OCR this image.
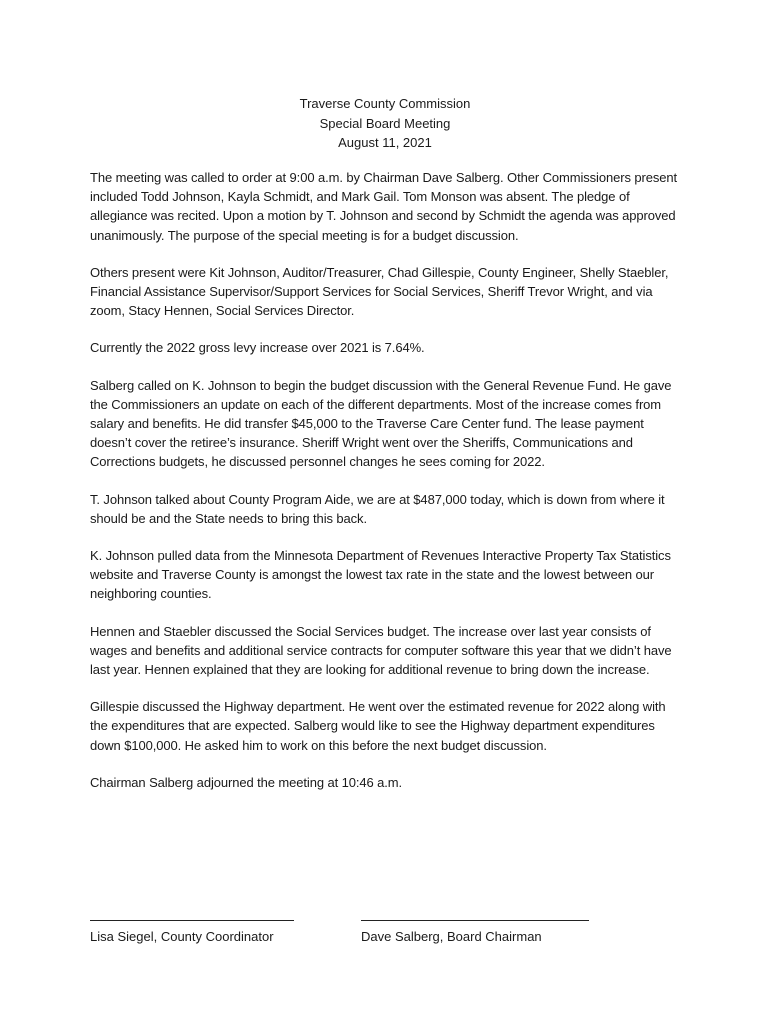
Traverse County Commission
Special Board Meeting
August 11, 2021

The meeting was called to order at 9:00 a.m. by Chairman Dave Salberg. Other Commissioners present included Todd Johnson, Kayla Schmidt, and Mark Gail. Tom Monson was absent. The pledge of allegiance was recited. Upon a motion by T. Johnson and second by Schmidt the agenda was approved unanimously. The purpose of the special meeting is for a budget discussion.

Others present were Kit Johnson, Auditor/Treasurer, Chad Gillespie, County Engineer, Shelly Staebler, Financial Assistance Supervisor/Support Services for Social Services, Sheriff Trevor Wright, and via zoom, Stacy Hennen, Social Services Director.

Currently the 2022 gross levy increase over 2021 is 7.64%.

Salberg called on K. Johnson to begin the budget discussion with the General Revenue Fund. He gave the Commissioners an update on each of the different departments. Most of the increase comes from salary and benefits. He did transfer $45,000 to the Traverse Care Center fund. The lease payment doesn’t cover the retiree’s insurance. Sheriff Wright went over the Sheriffs, Communications and Corrections budgets, he discussed personnel changes he sees coming for 2022.

T. Johnson talked about County Program Aide, we are at $487,000 today, which is down from where it should be and the State needs to bring this back.

K. Johnson pulled data from the Minnesota Department of Revenues Interactive Property Tax Statistics website and Traverse County is amongst the lowest tax rate in the state and the lowest between our neighboring counties.

Hennen and Staebler discussed the Social Services budget. The increase over last year consists of wages and benefits and additional service contracts for computer software this year that we didn’t have last year. Hennen explained that they are looking for additional revenue to bring down the increase.

Gillespie discussed the Highway department. He went over the estimated revenue for 2022 along with the expenditures that are expected. Salberg would like to see the Highway department expenditures down $100,000. He asked him to work on this before the next budget discussion.

Chairman Salberg adjourned the meeting at 10:46 a.m.

Lisa Siegel, County Coordinator	Dave Salberg, Board Chairman
